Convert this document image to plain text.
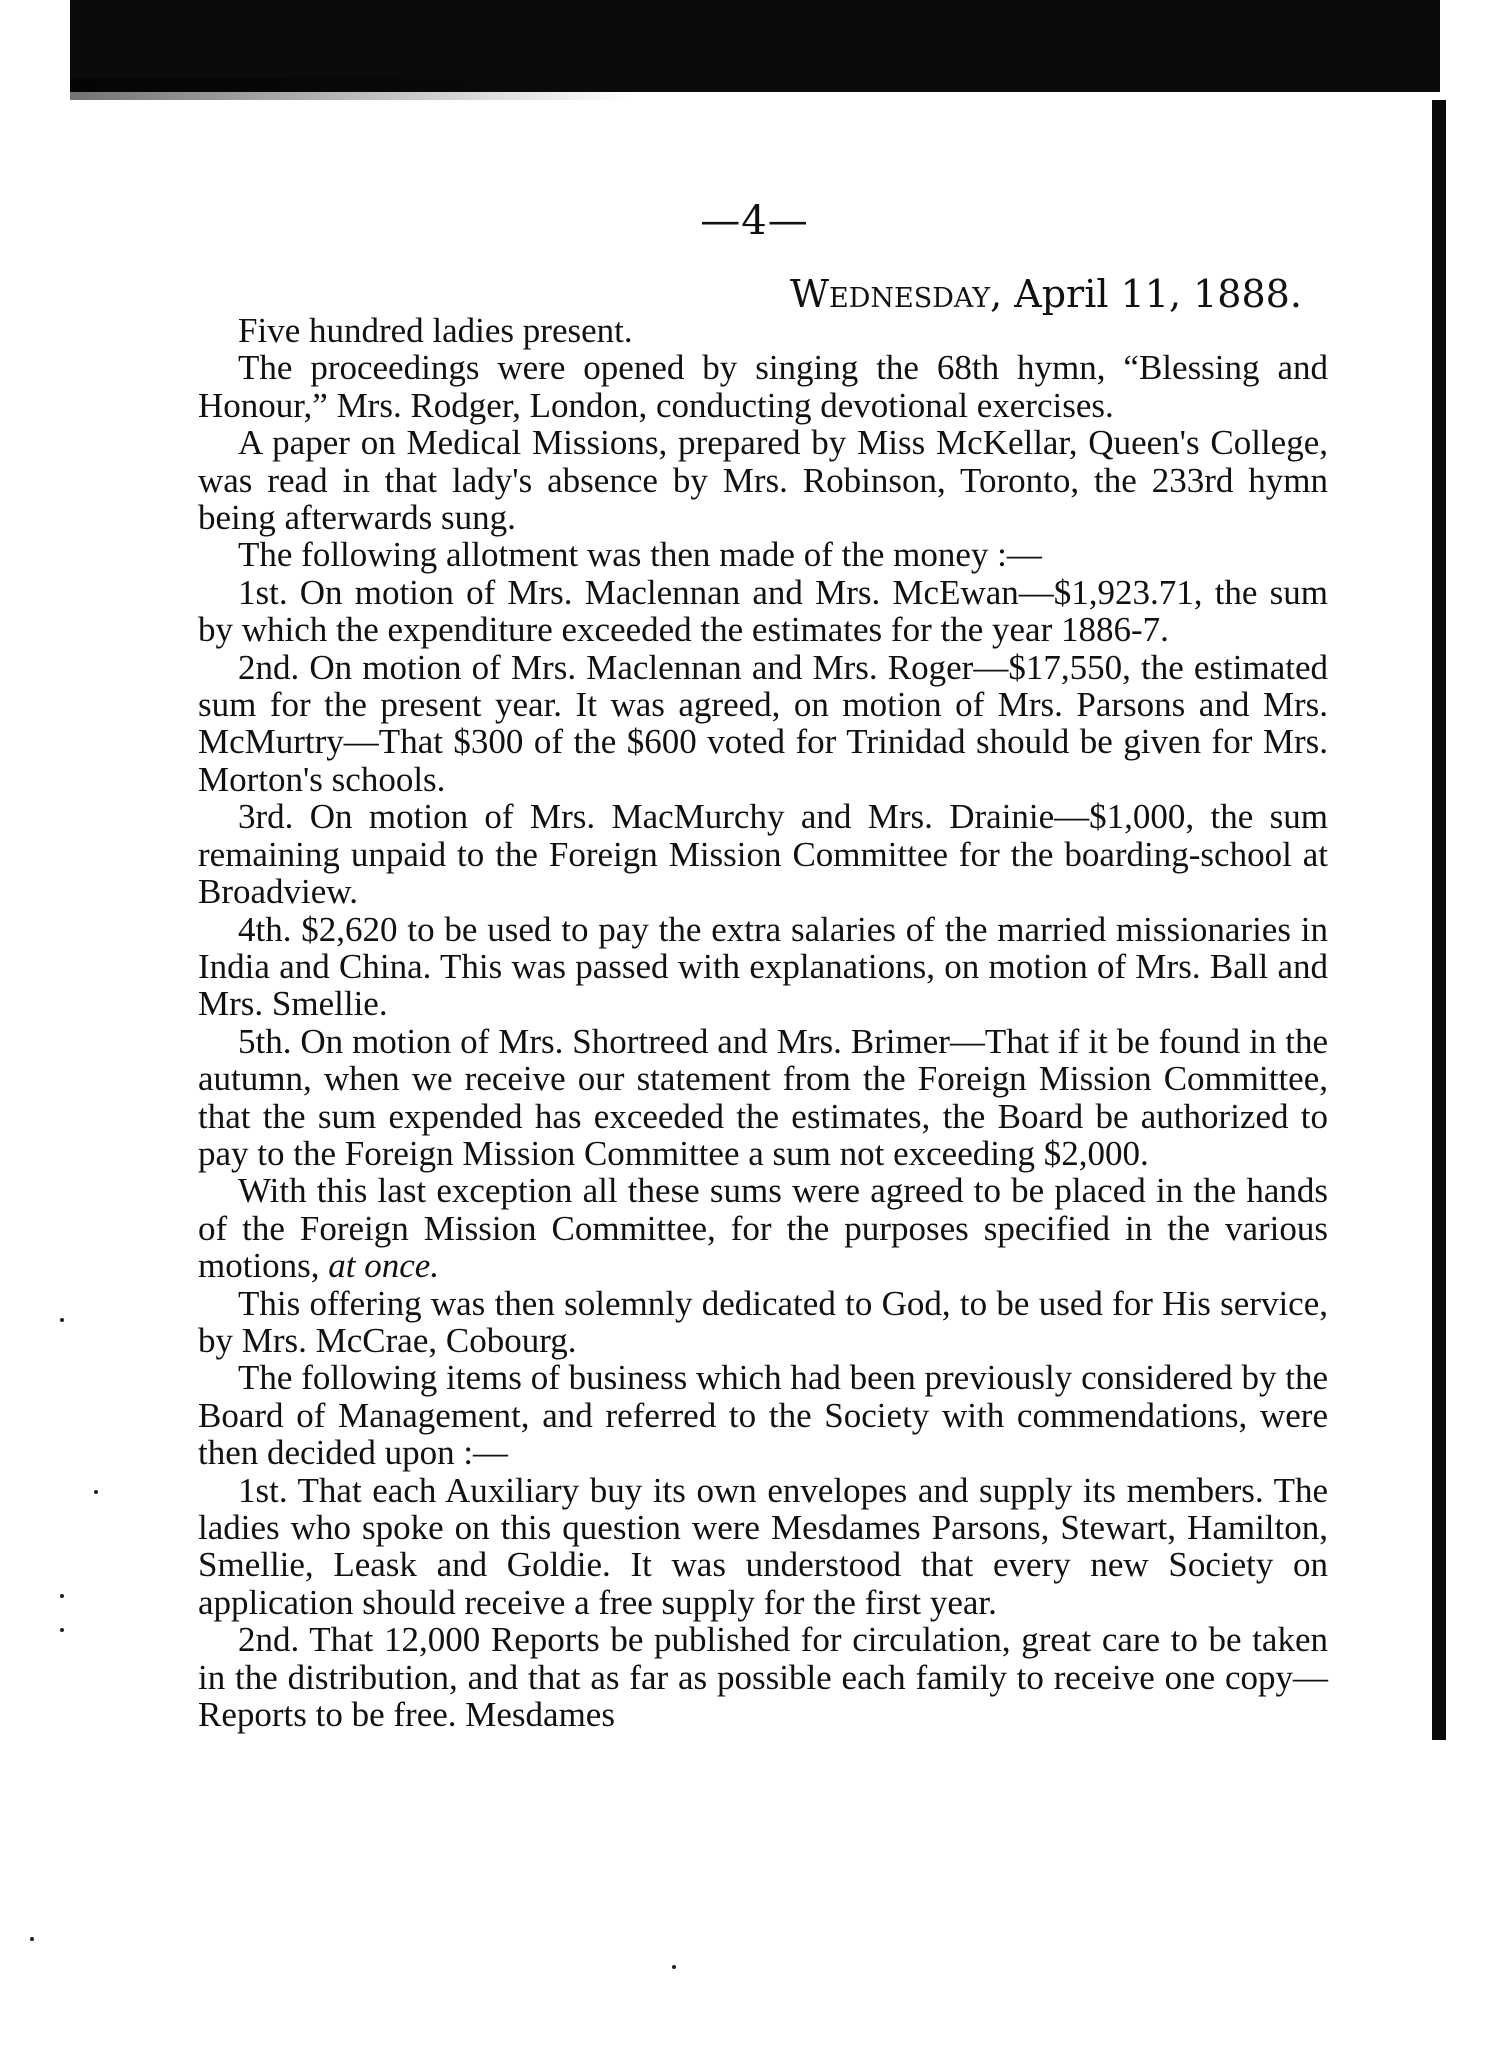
—4—
Wednesday, April 11, 1888.

Five hundred ladies present.

The proceedings were opened by singing the 68th hymn, “Blessing and Honour,” Mrs. Rodger, London, conducting devotional exercises.

A paper on Medical Missions, prepared by Miss McKellar, Queen's College, was read in that lady's absence by Mrs. Robinson, Toronto, the 233rd hymn being afterwards sung.

The following allotment was then made of the money :—

1st. On motion of Mrs. Maclennan and Mrs. McEwan—$1,923.71, the sum by which the expenditure exceeded the estimates for the year 1886-7.

2nd. On motion of Mrs. Maclennan and Mrs. Roger—$17,550, the estimated sum for the present year. It was agreed, on motion of Mrs. Parsons and Mrs. McMurtry—That $300 of the $600 voted for Trinidad should be given for Mrs. Morton's schools.

3rd. On motion of Mrs. MacMurchy and Mrs. Drainie—$1,000, the sum remaining unpaid to the Foreign Mission Committee for the boarding-school at Broadview.

4th. $2,620 to be used to pay the extra salaries of the married missionaries in India and China. This was passed with explanations, on motion of Mrs. Ball and Mrs. Smellie.

5th. On motion of Mrs. Shortreed and Mrs. Brimer—That if it be found in the autumn, when we receive our statement from the Foreign Mission Committee, that the sum expended has exceeded the estimates, the Board be authorized to pay to the Foreign Mission Committee a sum not exceeding $2,000.

With this last exception all these sums were agreed to be placed in the hands of the Foreign Mission Committee, for the purposes specified in the various motions, at once.

This offering was then solemnly dedicated to God, to be used for His service, by Mrs. McCrae, Cobourg.

The following items of business which had been previously considered by the Board of Management, and referred to the Society with commendations, were then decided upon :—

1st. That each Auxiliary buy its own envelopes and supply its members. The ladies who spoke on this question were Mesdames Parsons, Stewart, Hamilton, Smellie, Leask and Goldie. It was understood that every new Society on application should receive a free supply for the first year.

2nd. That 12,000 Reports be published for circulation, great care to be taken in the distribution, and that as far as possible each family to receive one copy—Reports to be free. Mesdames
